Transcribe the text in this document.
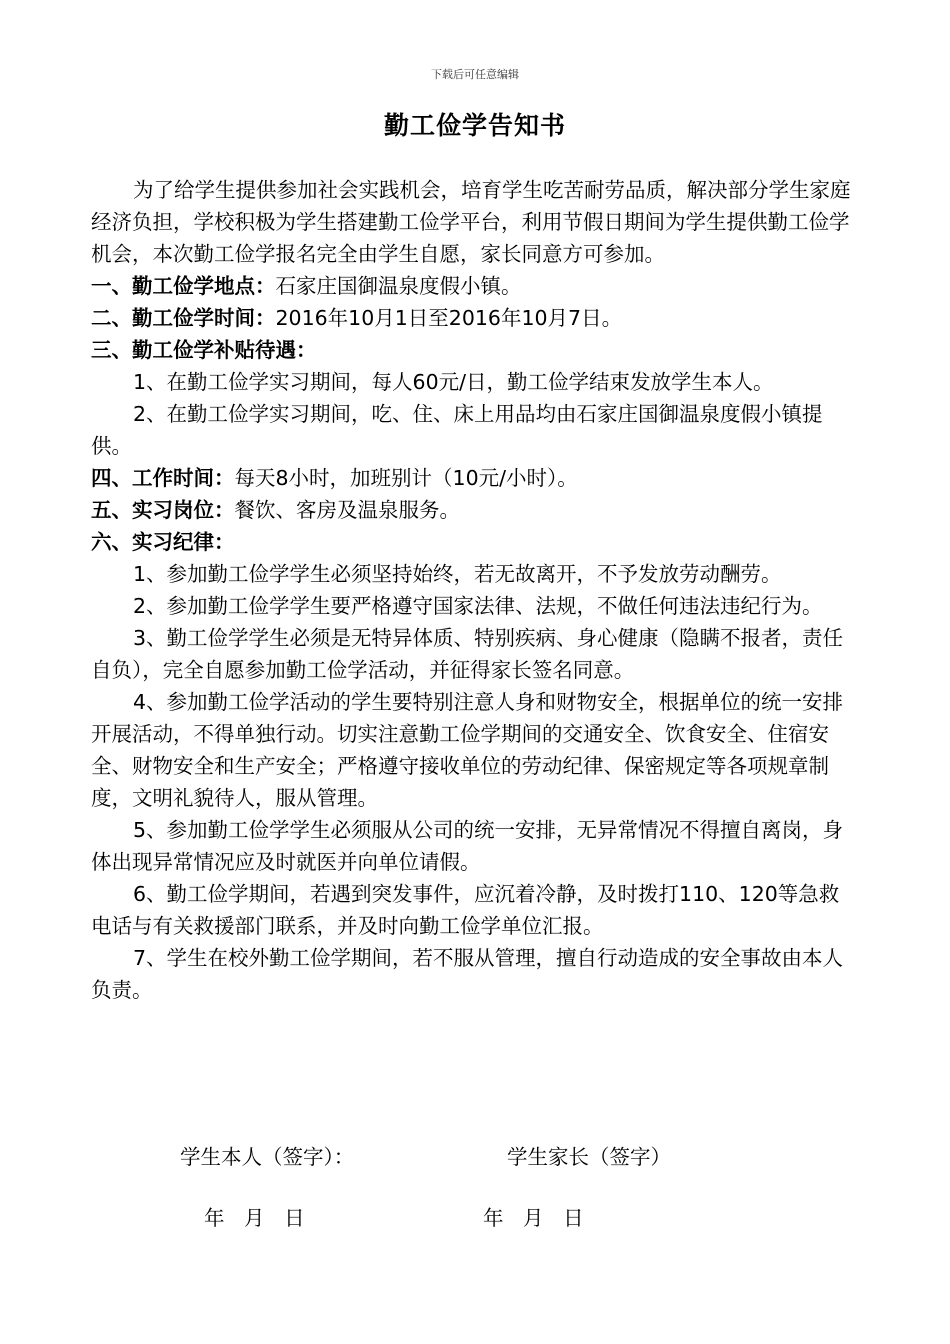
下载后可任意编辑
勤工俭学告知书

为了给学生提供参加社会实践机会，培育学生吃苦耐劳品质，解决部分学生家庭经济负担，学校积极为学生搭建勤工俭学平台，利用节假日期间为学生提供勤工俭学机会，本次勤工俭学报名完全由学生自愿，家长同意方可参加。

一、勤工俭学地点：石家庄国御温泉度假小镇。

二、勤工俭学时间：2016年10月1日至2016年10月7日。

三、勤工俭学补贴待遇：

1、在勤工俭学实习期间，每人60元/日，勤工俭学结束发放学生本人。

2、在勤工俭学实习期间，吃、住、床上用品均由石家庄国御温泉度假小镇提供。

四、工作时间：每天8小时，加班别计（10元/小时）。

五、实习岗位：餐饮、客房及温泉服务。

六、实习纪律：

1、参加勤工俭学学生必须坚持始终，若无故离开，不予发放劳动酬劳。

2、参加勤工俭学学生要严格遵守国家法律、法规，不做任何违法违纪行为。

3、勤工俭学学生必须是无特异体质、特别疾病、身心健康（隐瞒不报者，责任自负），完全自愿参加勤工俭学活动，并征得家长签名同意。

4、参加勤工俭学活动的学生要特别注意人身和财物安全，根据单位的统一安排开展活动，不得单独行动。切实注意勤工俭学期间的交通安全、饮食安全、住宿安全、财物安全和生产安全；严格遵守接收单位的劳动纪律、保密规定等各项规章制度，文明礼貌待人，服从管理。

5、参加勤工俭学学生必须服从公司的统一安排，无异常情况不得擅自离岗，身体出现异常情况应及时就医并向单位请假。

6、勤工俭学期间，若遇到突发事件，应沉着冷静，及时拨打110、120等急救电话与有关救援部门联系，并及时向勤工俭学单位汇报。

7、学生在校外勤工俭学期间，若不服从管理，擅自行动造成的安全事故由本人负责。

学生本人（签字）：	学生家长（签字）
年   月   日	年   月   日
